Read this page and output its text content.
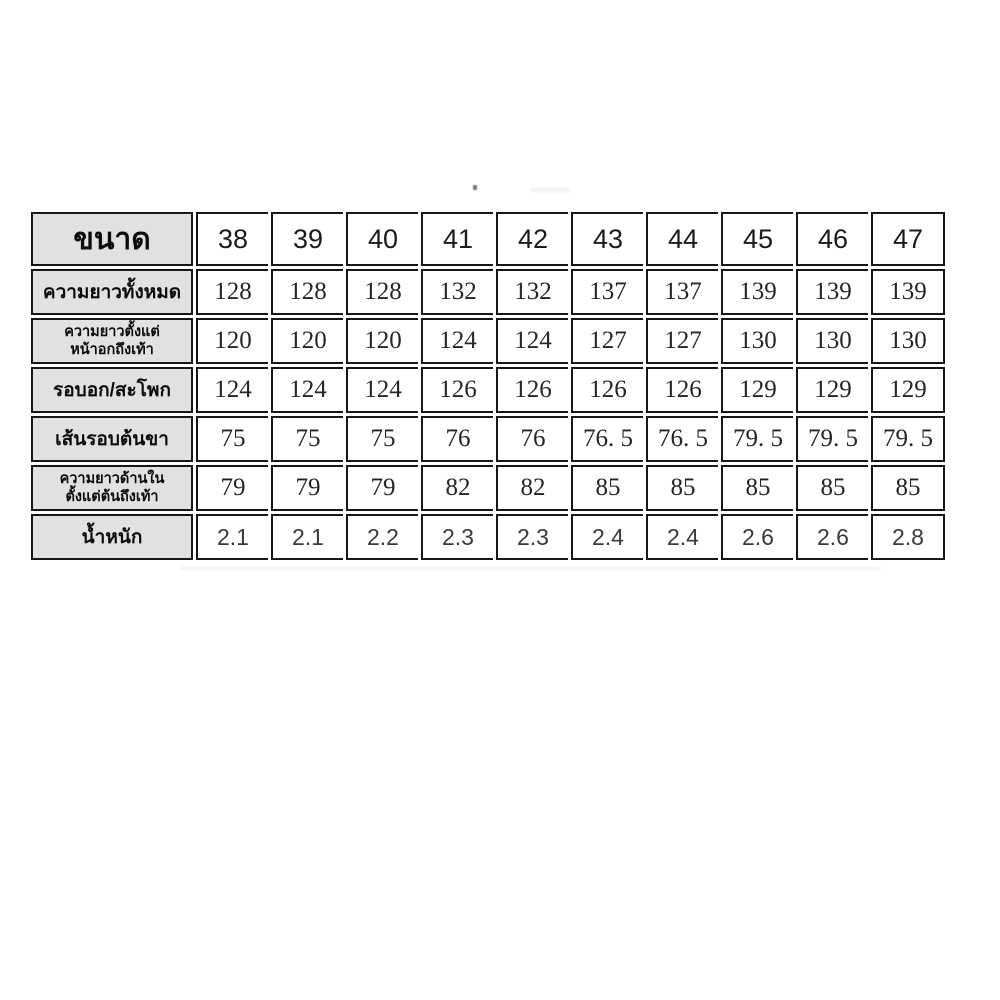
ขนาด	38	39	40	41	42	43	44	45	46	47
ความยาวทั้งหมด	128	128	128	132	132	137	137	139	139	139
ความยาวตั้งแต่
หน้าอกถึงเท้า	120	120	120	124	124	127	127	130	130	130
รอบอก/สะโพก	124	124	124	126	126	126	126	129	129	129
เส้นรอบต้นขา	75	75	75	76	76	76. 5	76. 5	79. 5	79. 5	79. 5
ความยาวด้านใน
ตั้งแต่ต้นถึงเท้า	79	79	79	82	82	85	85	85	85	85
น้ำหนัก	2.1	2.1	2.2	2.3	2.3	2.4	2.4	2.6	2.6	2.8
